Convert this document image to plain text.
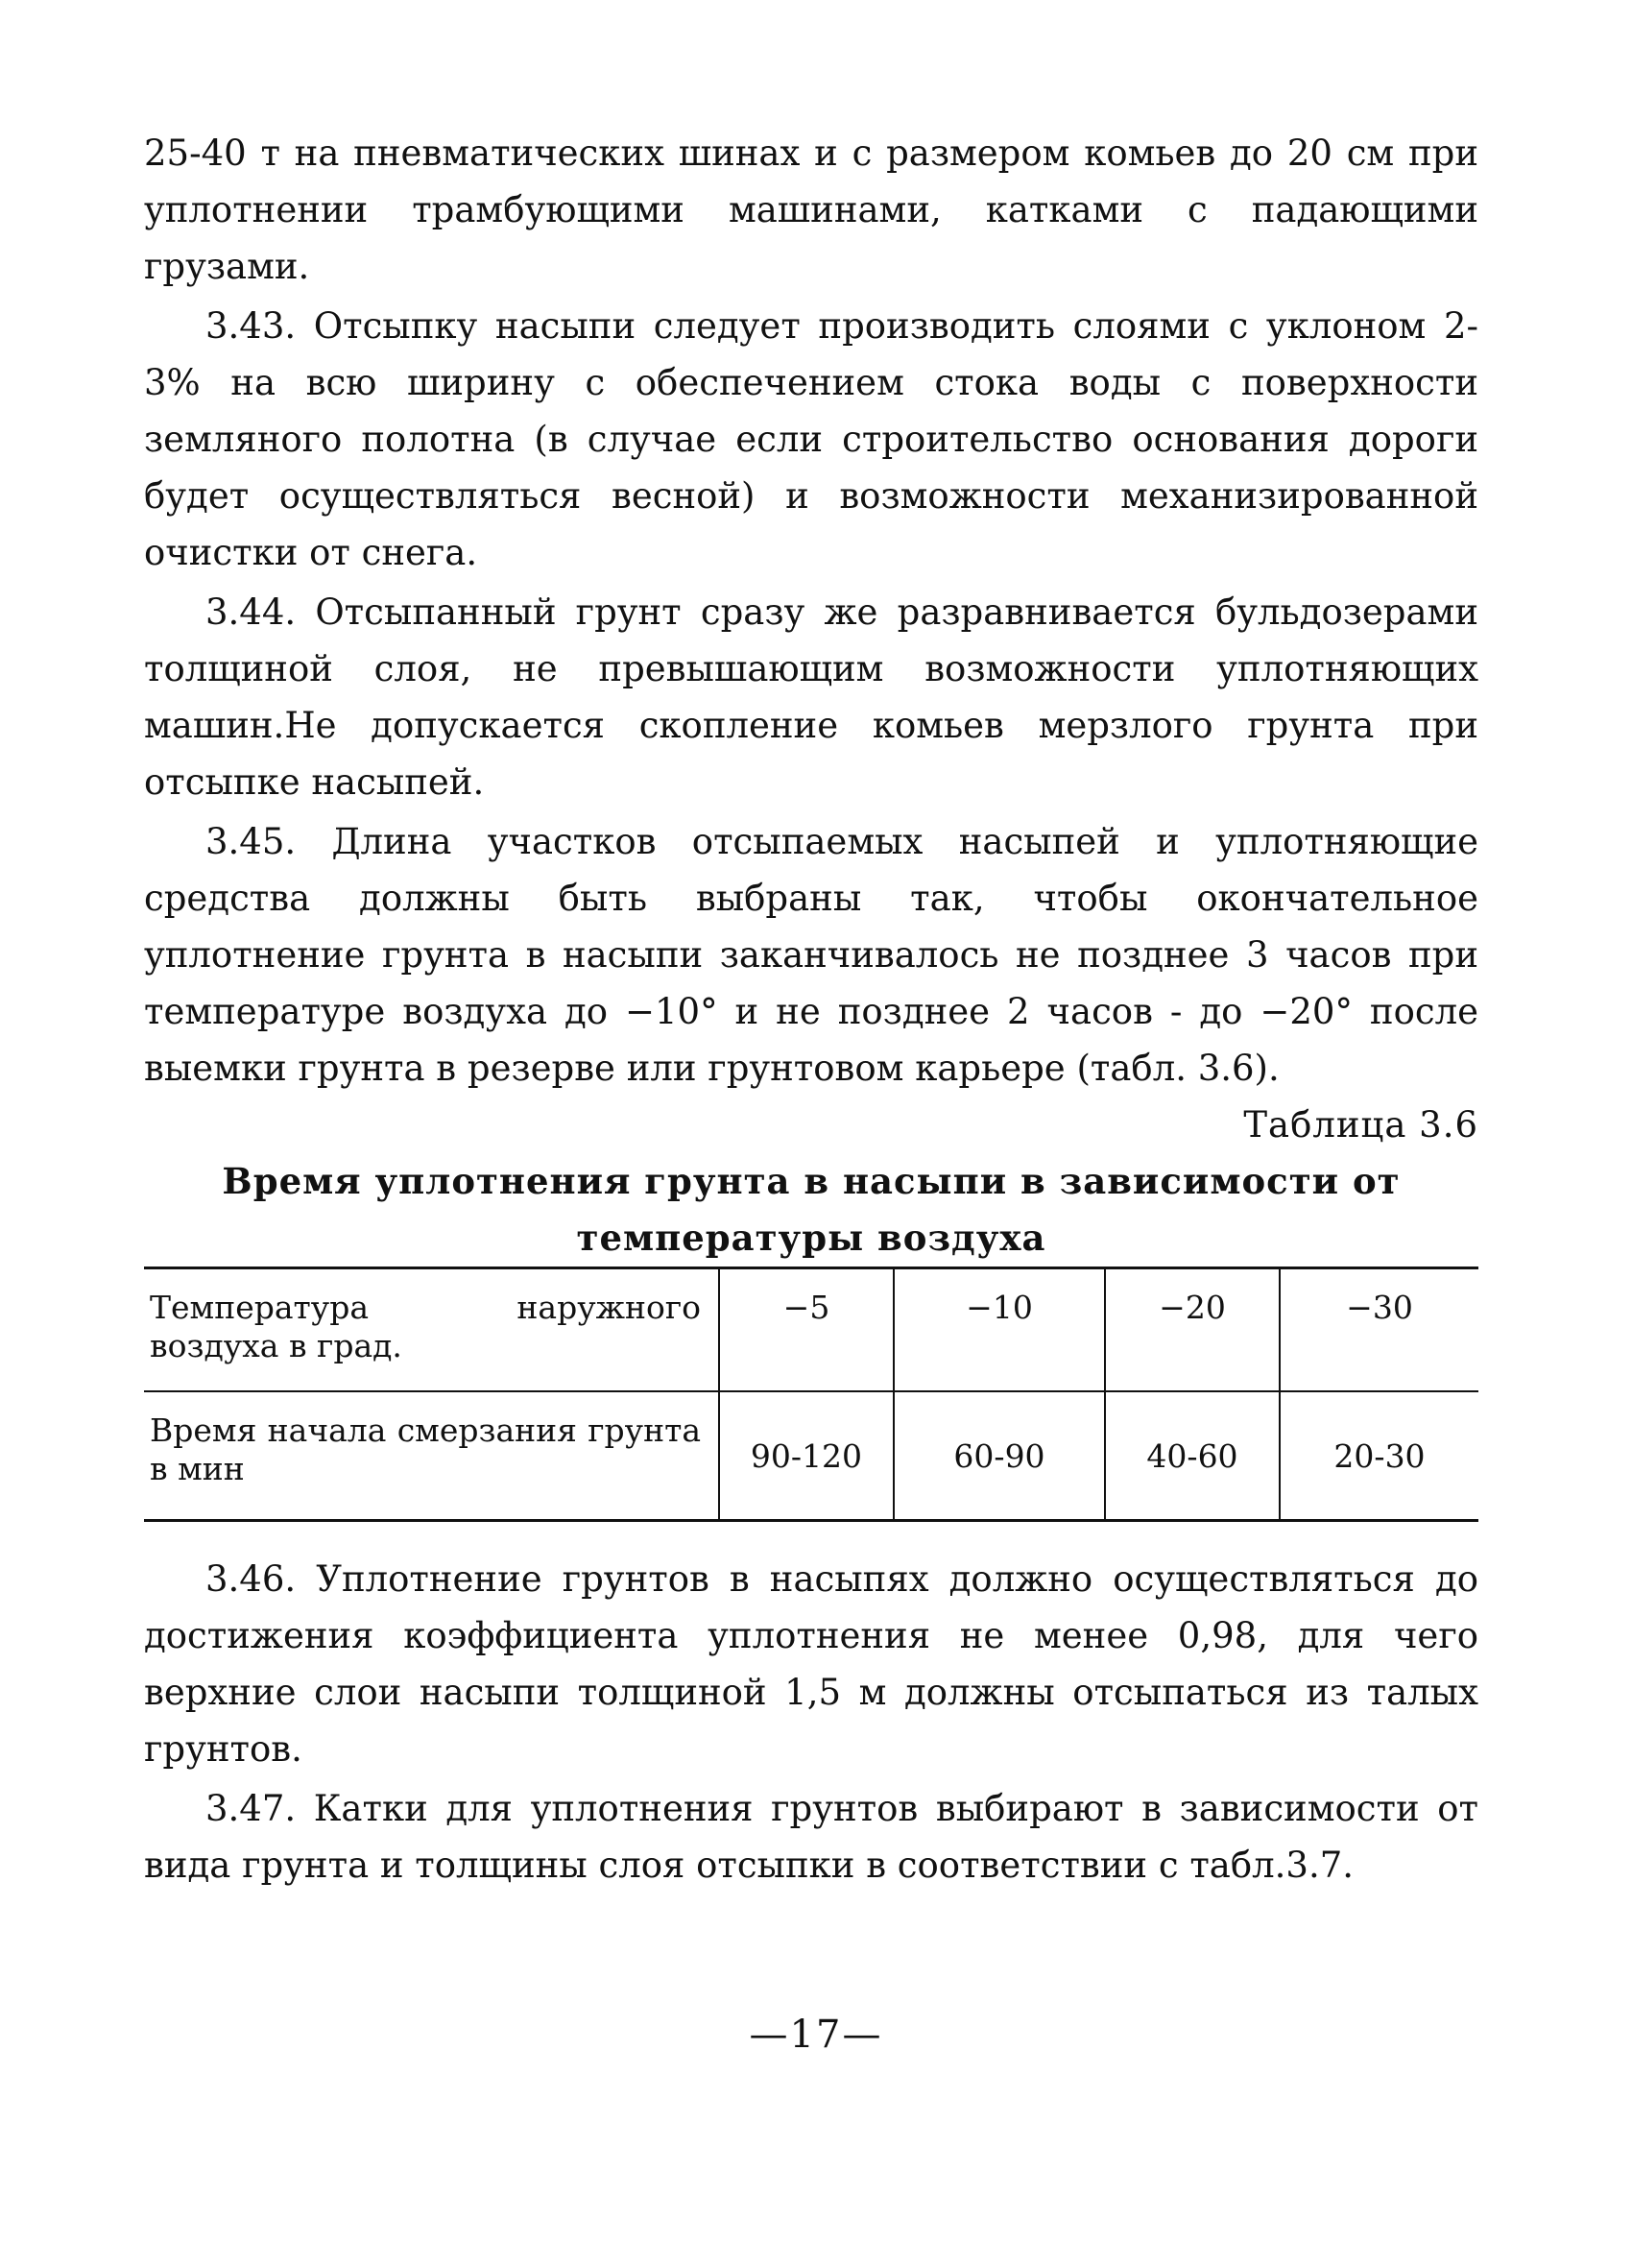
25-40 т на пневматических шинах и с размером комьев до 20 см при уплотнении трамбующими машинами, катками с падающими грузами.

3.43. Отсыпку насыпи следует производить слоями с уклоном 2-3% на всю ширину с обеспечением стока воды с поверхности земляного полотна (в случае если строительство основания дороги будет осуществляться весной) и возможности механизированной очистки от снега.

3.44. Отсыпанный грунт сразу же разравнивается бульдозерами толщиной слоя, не превышающим возможности уплотняющих машин.Не допускается скопление комьев мерзлого грунта при отсыпке насыпей.

3.45. Длина участков отсыпаемых насыпей и уплотняющие средства должны быть выбраны так, чтобы окончательное уплотнение грунта в насыпи заканчивалось не позднее 3 часов при температуре воздуха до −10° и не позднее 2 часов - до −20° после выемки грунта в резерве или грунтовом карьере (табл. 3.6).

Таблица 3.6

Время уплотнения грунта в насыпи в зависимости от

температуры воздуха

Температура наружного воздуха в град.	−5	−10	−20	−30
Время начала смерзания грунта в мин	90-120	60-90	40-60	20-30

3.46. Уплотнение грунтов в насыпях должно осуществляться до достижения коэффициента уплотнения не менее 0,98, для чего верхние слои насыпи толщиной 1,5 м должны отсыпаться из талых грунтов.

3.47. Катки для уплотнения грунтов выбирают в зависимости от вида грунта и толщины слоя отсыпки в соответствии с табл.3.7.

—17—
